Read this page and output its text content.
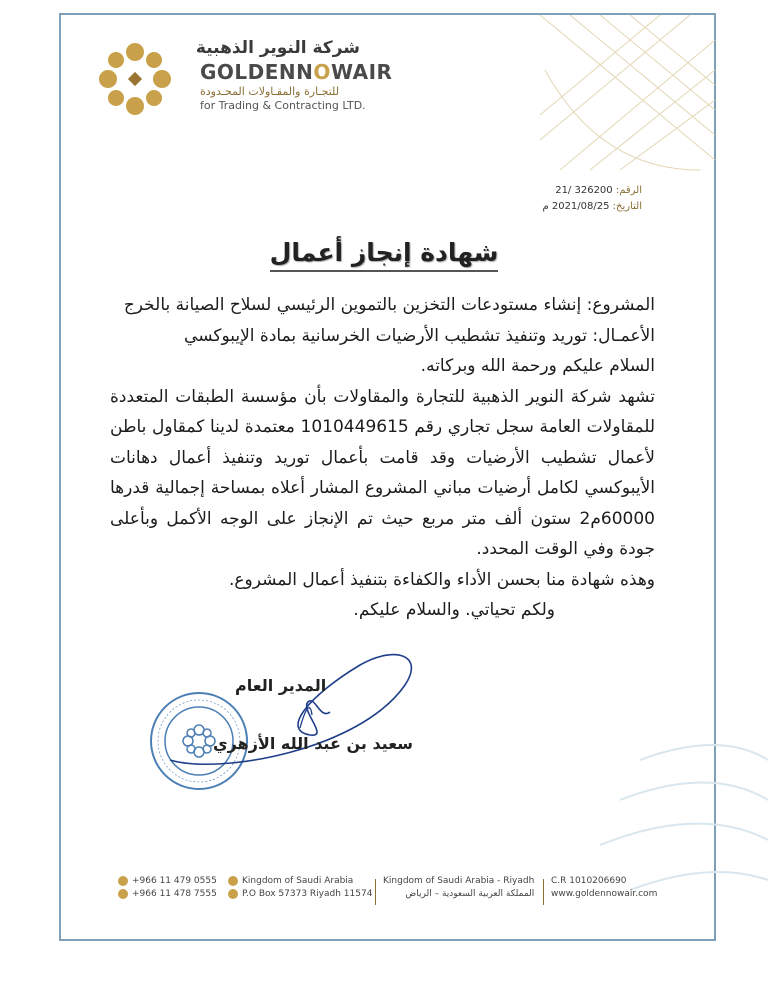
شركة النوير الذهبية
GOLDENNOWAIR
للتجـارة والمقـاولات المحـدودة
for Trading & Contracting LTD.
الرقم: 21/ 326200
التاريخ: 2021/08/25 م
شهادة إنجاز أعمال

المشروع: إنشاء مستودعات التخزين بالتموين الرئيسي لسلاح الصيانة بالخرج

الأعمـال: توريد وتنفيذ تشطيب الأرضيات الخرسانية بمادة الإيبوكسي

السلام عليكم ورحمة الله وبركاته.

تشهد شركة النوير الذهبية للتجارة والمقاولات بأن مؤسسة الطبقات المتعددة للمقاولات العامة سجل تجاري رقم 1010449615 معتمدة لدينا كمقاول باطن لأعمال تشطيب الأرضيات وقد قامت بأعمال توريد وتنفيذ أعمال دهانات الأيبوكسي لكامل أرضيات مباني المشروع المشار أعلاه بمساحة إجمالية قدرها 60000م2 ستون ألف متر مربع حيث تم الإنجاز على الوجه الأكمل وبأعلى جودة وفي الوقت المحدد.

وهذه شهادة منا بحسن الأداء والكفاءة بتنفيذ أعمال المشروع.

ولكم تحياتي. والسلام عليكم.

المدير العام
سعيد بن عبد الله الأزهري
+966 11 479 0555
+966 11 478 7555
Kingdom of Saudi Arabia
P.O Box 57373 Riyadh 11574
Kingdom of Saudi Arabia - Riyadh
المملكة العربية السعودية – الرياض
C.R 1010206690
www.goldennowair.com
